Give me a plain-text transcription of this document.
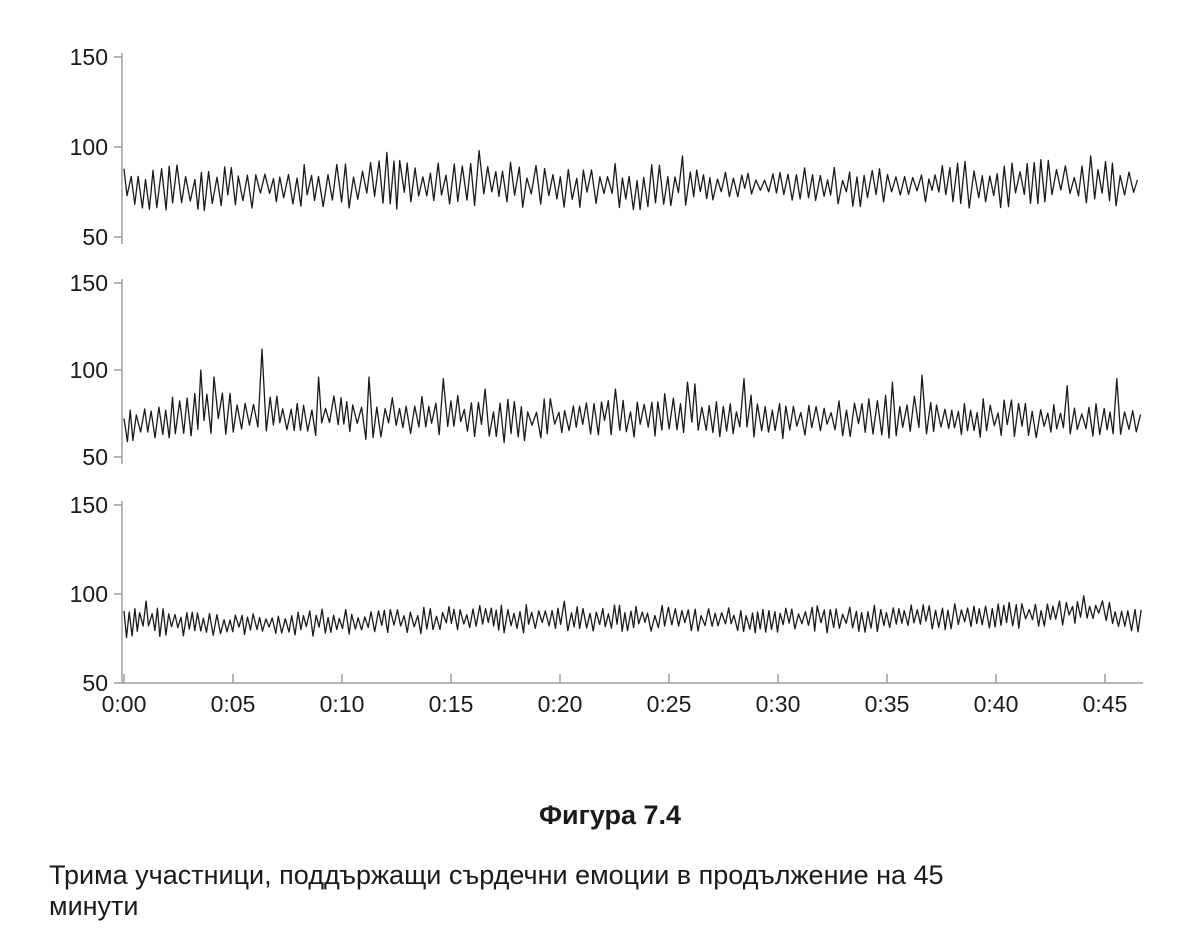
150
100
50
150
100
50
150
100
50
0:00	0:05	0:10	0:15	0:20	0:25	0:30	0:35	0:40	0:45
Фигура 7.4
Трима участници, поддържащи сърдечни емоции в продължение на 45
минути
